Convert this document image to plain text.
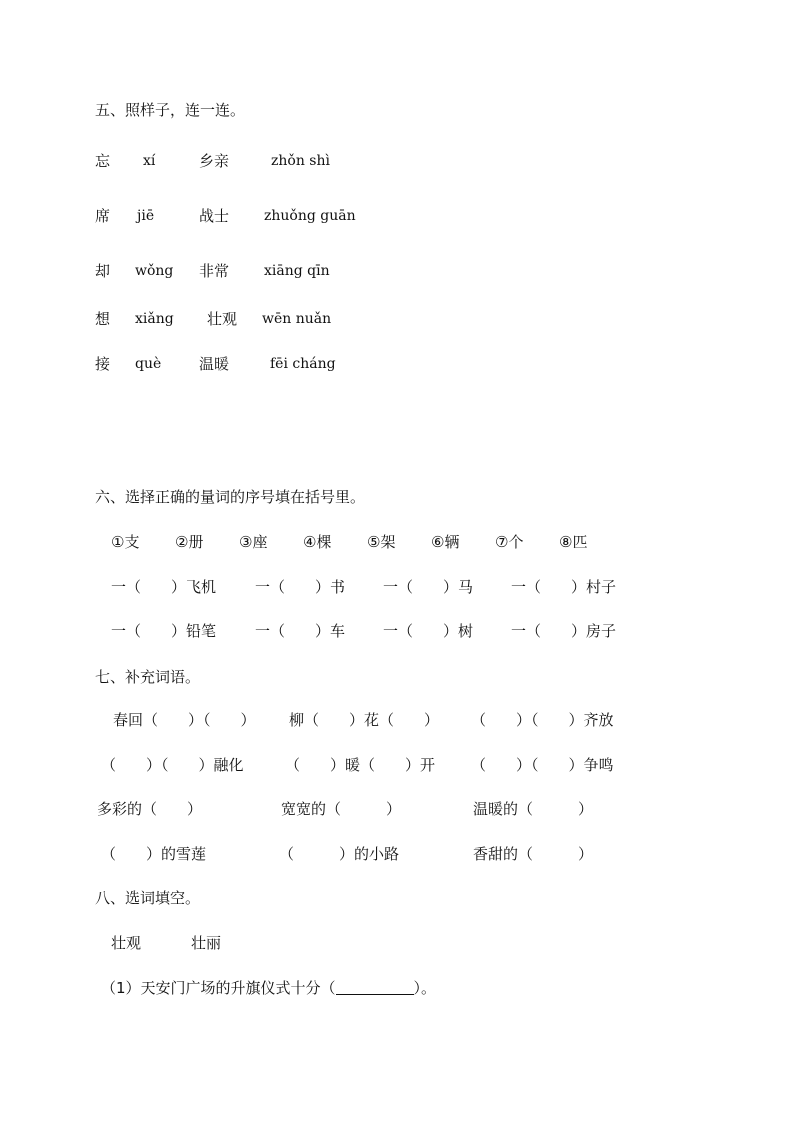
五、照样子，连一连。
忘 xí	乡亲	zhǒn shì
席 jiē	战士 zhuǒng guān
却 wǒng 非常 xiāng qīn
想 xiǎng 壮观 wēn nuǎn
接 què	温暖	fēi cháng
六、选择正确的量词的序号填在括号里。
①支 ②册 ③座 ④棵 ⑤架 ⑥辆 ⑦个 ⑧匹
一（　　）飞机	一（　　）书	一（　　）马	一（　　）村子
一（　　）铅笔	一（　　）车	一（　　）树	一（　　）房子
七、补充词语。
春回（　　）（　　） 柳（　　）花（　　） （　　）（　　）齐放
（　　）（　　）融化	（　　）暖（　　）开 （　　）（　　）争鸣
多彩的（　　）	宽宽的（　　　）	温暖的（　　　）
（　　）的雪莲	（　　　）的小路	香甜的（　　　）
八、选词填空。
壮观	壮丽
（1）天安门广场的升旗仪式十分（	）。
